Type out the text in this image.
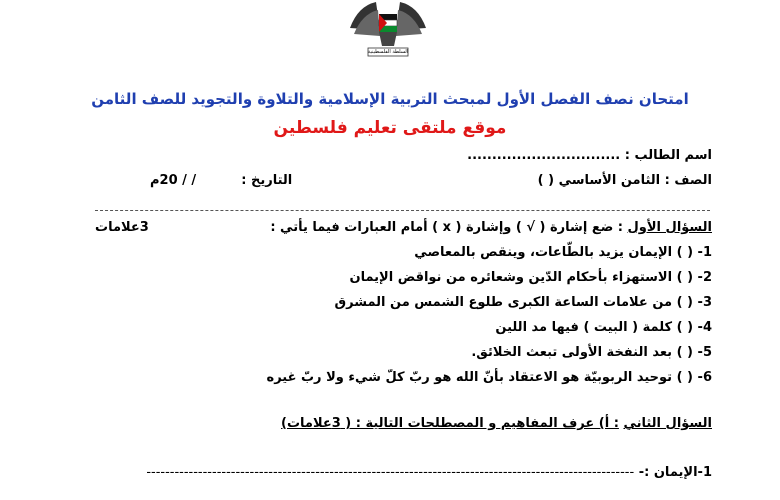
السلطة الفلسطينية
امتحان نصف الفصل الأول لمبحث التربية الإسلامية والتلاوة والتجويد للصف الثامن
موقع ملتقى تعليم فلسطين
اسم الطالب : ...............................
الصف : الثامن الأساسي ( )
التاريخ :  / / 20م
السؤال الأول : ضع إشارة ( √ ) وإشارة ( x ) أمام العبارات فيما يأتي :
3علامات
1- ( ) الإيمان يزيد بالطّاعات، وينقص بالمعاصي
2- ( ) الاستهزاء بأحكام الدّين وشعائره من نواقض الإيمان
3- ( ) من علامات الساعة الكبرى طلوع الشمس من المشرق
4- ( ) كلمة ( البيت ) فيها مد اللين
5- ( ) بعد النفخة الأولى تبعث الخلائق.
6- ( ) توحيد الربوبيّة هو الاعتقاد بأنّ الله هو ربّ كلّ شيء ولا ربّ غيره
السؤال الثاني : أ) عرف المفاهيم و المصطلحات التالية : ( 3علامات)
1-الإيمان :- --------------------------------------------------------------------------------------------------------
